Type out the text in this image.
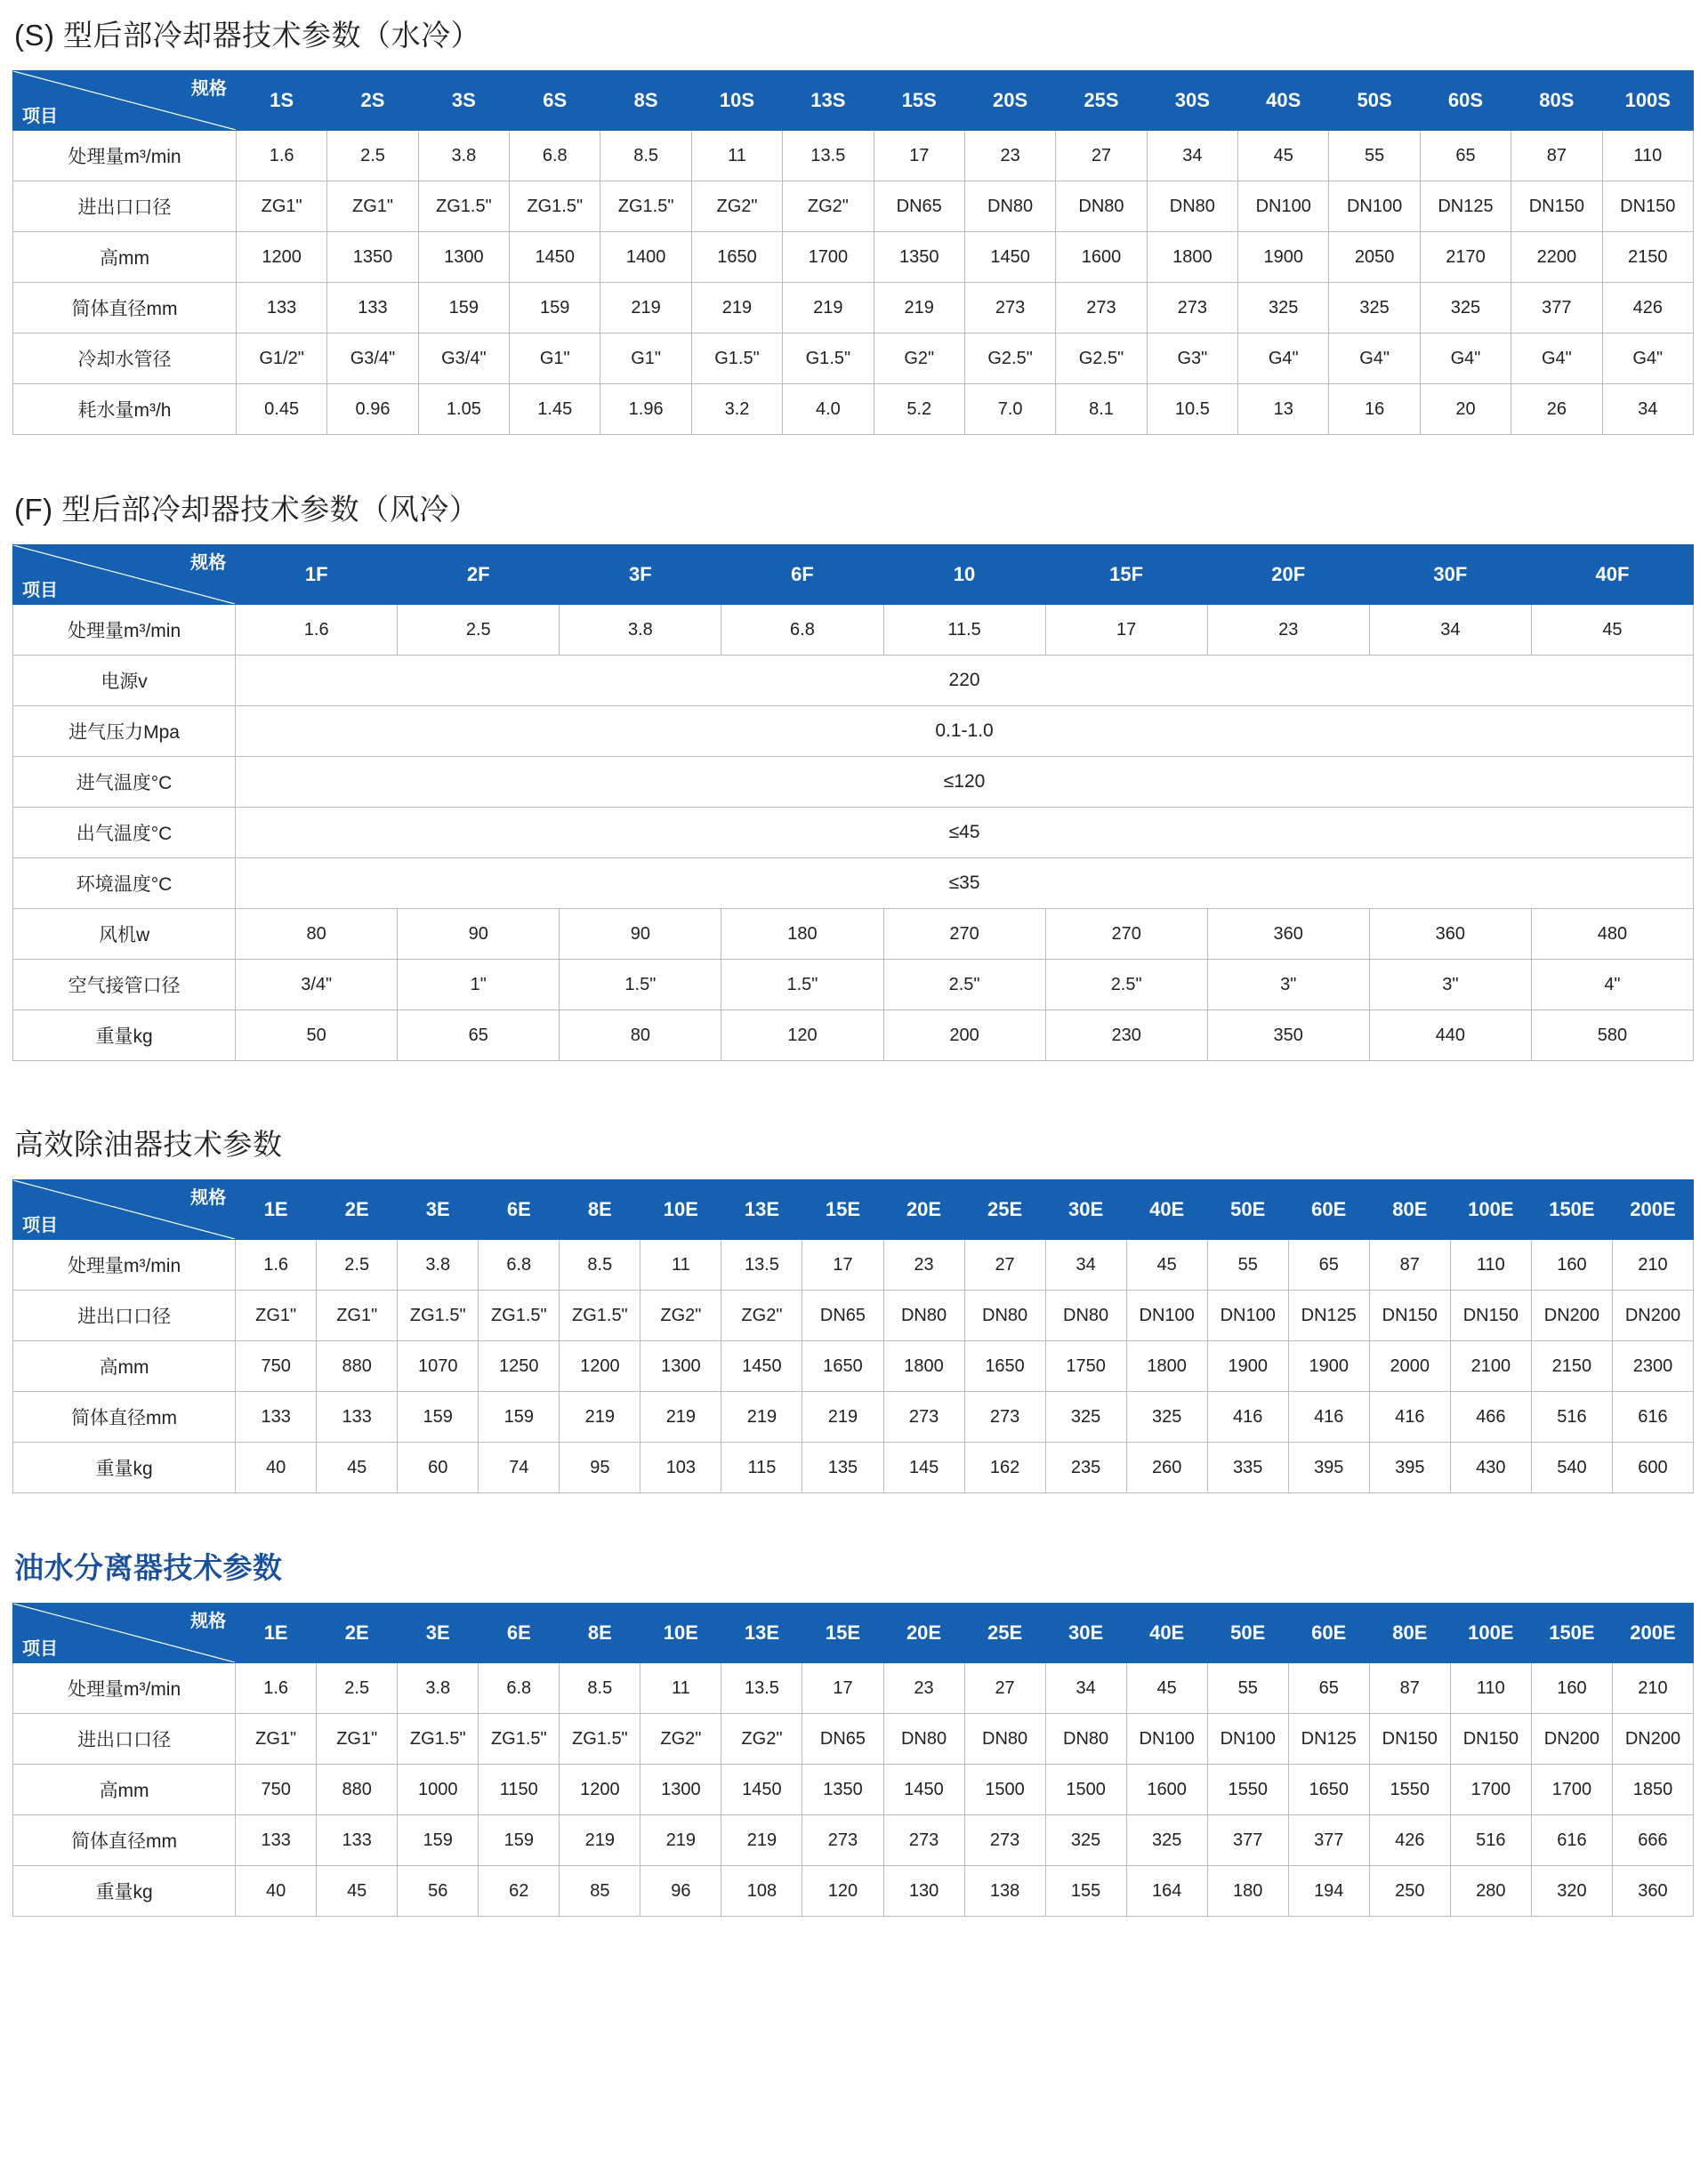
(S) 型后部冷却器技术参数（水冷）
规格
项目	1S	2S	3S	6S	8S	10S	13S	15S	20S	25S	30S	40S	50S	60S	80S	100S
处理量m³/min	1.6	2.5	3.8	6.8	8.5	11	13.5	17	23	27	34	45	55	65	87	110
进出口口径	ZG1"	ZG1"	ZG1.5"	ZG1.5"	ZG1.5"	ZG2"	ZG2"	DN65	DN80	DN80	DN80	DN100	DN100	DN125	DN150	DN150
高mm	1200	1350	1300	1450	1400	1650	1700	1350	1450	1600	1800	1900	2050	2170	2200	2150
简体直径mm	133	133	159	159	219	219	219	219	273	273	273	325	325	325	377	426
冷却水管径	G1/2"	G3/4"	G3/4"	G1"	G1"	G1.5"	G1.5"	G2"	G2.5"	G2.5"	G3"	G4"	G4"	G4"	G4"	G4"
耗水量m³/h	0.45	0.96	1.05	1.45	1.96	3.2	4.0	5.2	7.0	8.1	10.5	13	16	20	26	34
(F) 型后部冷却器技术参数（风冷）
规格
项目	1F	2F	3F	6F	10	15F	20F	30F	40F
处理量m³/min	1.6	2.5	3.8	6.8	11.5	17	23	34	45
电源v	220								
进气压力Mpa	0.1-1.0								
进气温度°C	≤120								
出气温度°C	≤45								
环境温度°C	≤35								
风机w	80	90	90	180	270	270	360	360	480
空气接管口径	3/4"	1"	1.5"	1.5"	2.5"	2.5"	3"	3"	4"
重量kg	50	65	80	120	200	230	350	440	580
高效除油器技术参数
规格
项目	1E	2E	3E	6E	8E	10E	13E	15E	20E	25E	30E	40E	50E	60E	80E	100E	150E	200E
处理量m³/min	1.6	2.5	3.8	6.8	8.5	11	13.5	17	23	27	34	45	55	65	87	110	160	210
进出口口径	ZG1"	ZG1"	ZG1.5"	ZG1.5"	ZG1.5"	ZG2"	ZG2"	DN65	DN80	DN80	DN80	DN100	DN100	DN125	DN150	DN150	DN200	DN200
高mm	750	880	1070	1250	1200	1300	1450	1650	1800	1650	1750	1800	1900	1900	2000	2100	2150	2300
简体直径mm	133	133	159	159	219	219	219	219	273	273	325	325	416	416	416	466	516	616
重量kg	40	45	60	74	95	103	115	135	145	162	235	260	335	395	395	430	540	600
油水分离器技术参数
规格
项目	1E	2E	3E	6E	8E	10E	13E	15E	20E	25E	30E	40E	50E	60E	80E	100E	150E	200E
处理量m³/min	1.6	2.5	3.8	6.8	8.5	11	13.5	17	23	27	34	45	55	65	87	110	160	210
进出口口径	ZG1"	ZG1"	ZG1.5"	ZG1.5"	ZG1.5"	ZG2"	ZG2"	DN65	DN80	DN80	DN80	DN100	DN100	DN125	DN150	DN150	DN200	DN200
高mm	750	880	1000	1150	1200	1300	1450	1350	1450	1500	1500	1600	1550	1650	1550	1700	1700	1850
简体直径mm	133	133	159	159	219	219	219	273	273	273	325	325	377	377	426	516	616	666
重量kg	40	45	56	62	85	96	108	120	130	138	155	164	180	194	250	280	320	360
